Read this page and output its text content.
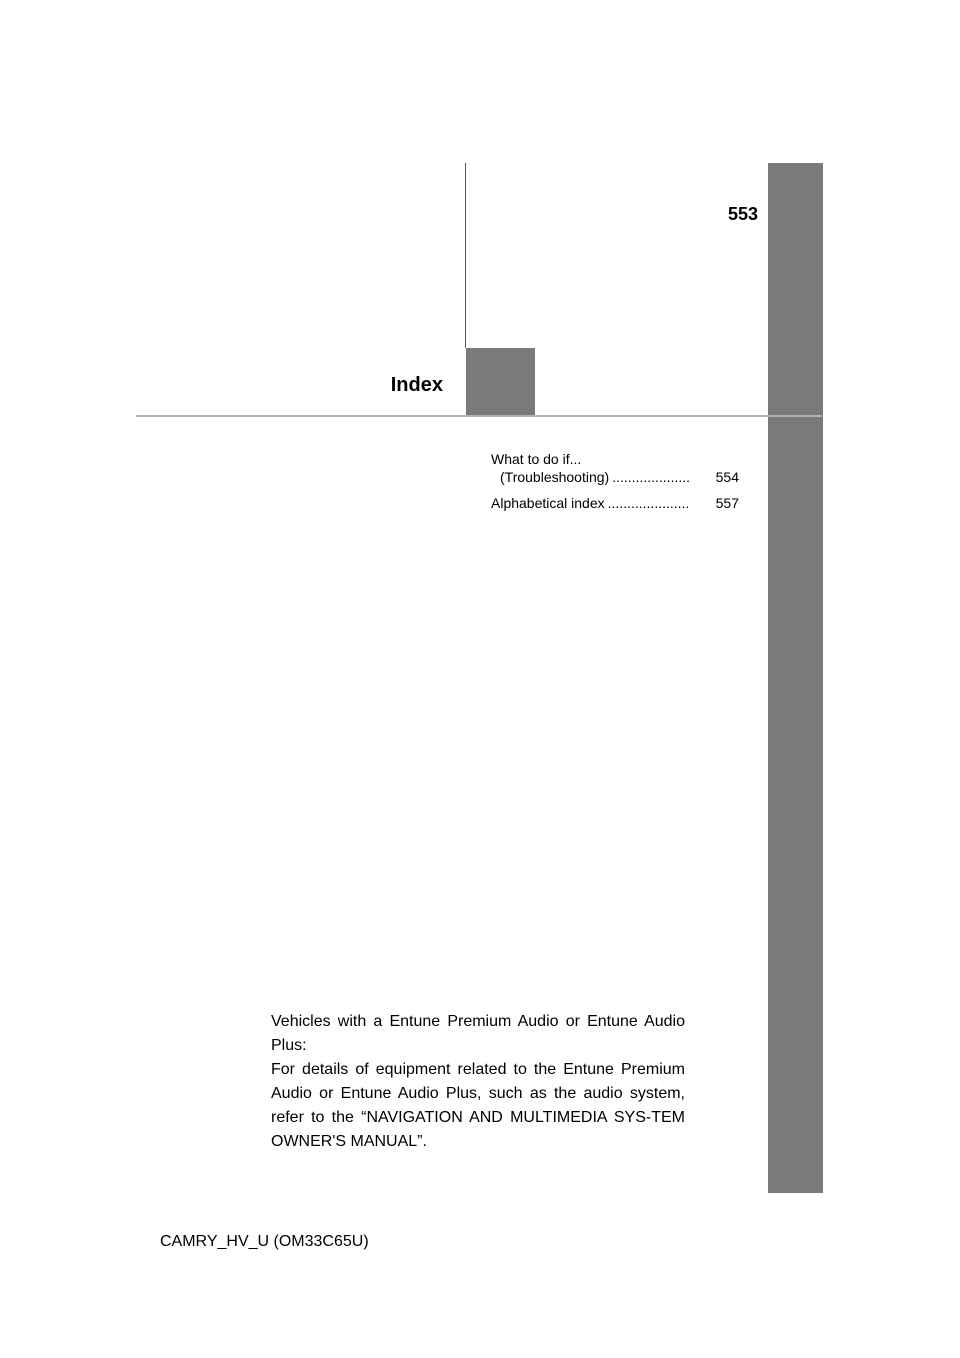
553
Index
What to do if...
(Troubleshooting) ....................	554
Alphabetical index .....................	557

Vehicles with a Entune Premium Audio or Entune Audio Plus:

For details of equipment related to the Entune Premium Audio or Entune Audio Plus, such as the audio system, refer to the “NAVIGATION AND MULTIMEDIA SYS-TEM OWNER'S MANUAL”.

CAMRY_HV_U (OM33C65U)
